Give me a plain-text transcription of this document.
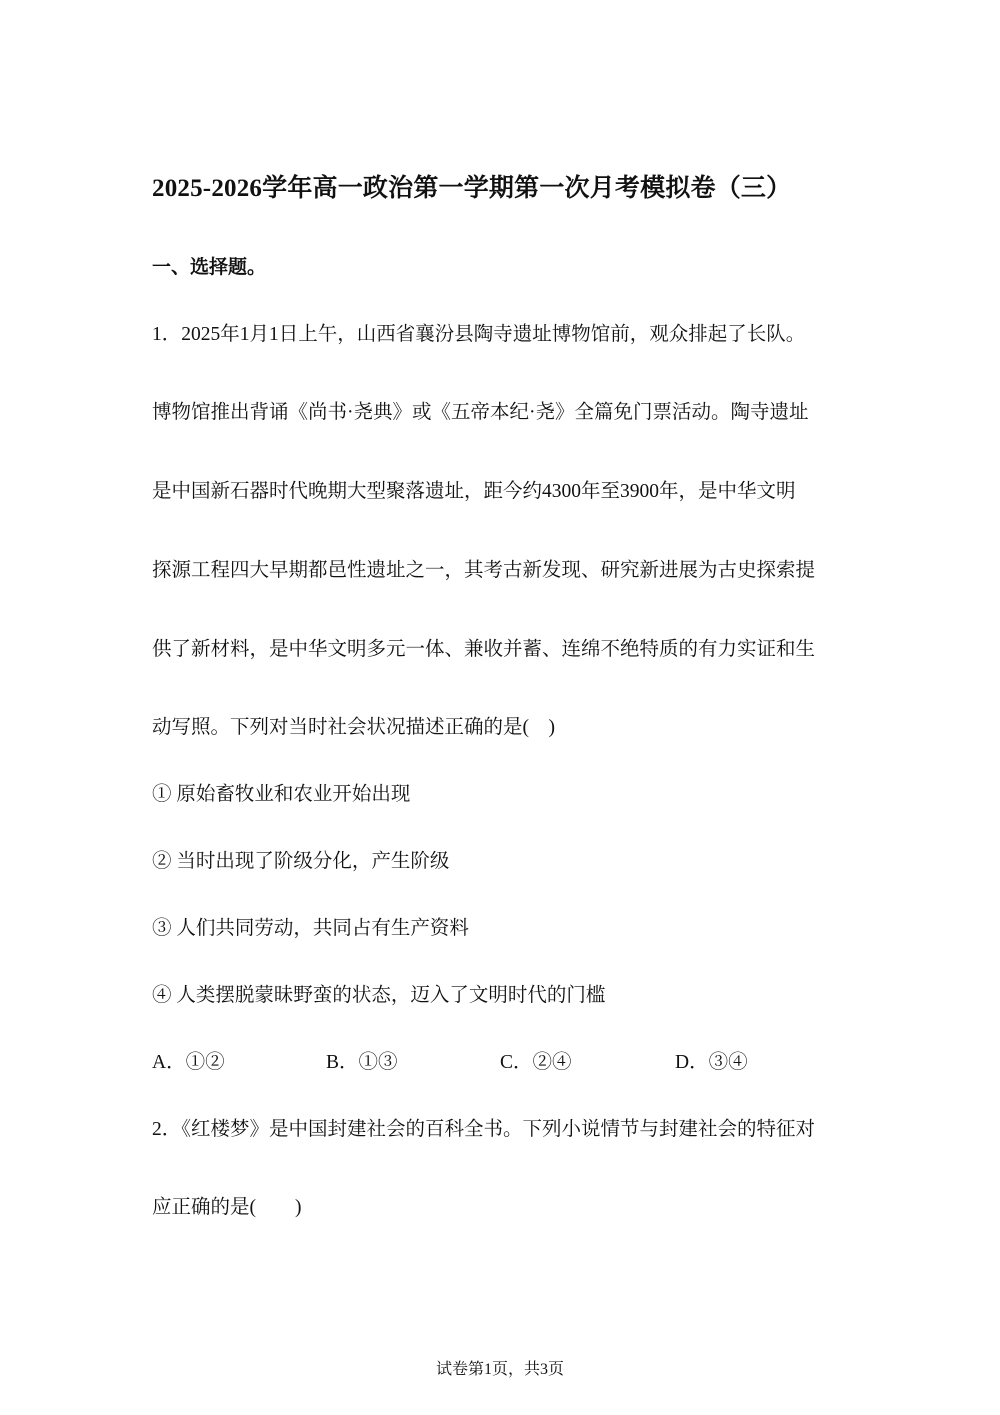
2025-2026学年高一政治第一学期第一次月考模拟卷（三）
一、选择题。
1．2025年1月1日上午，山西省襄汾县陶寺遗址博物馆前，观众排起了长队。
博物馆推出背诵《尚书·尧典》或《五帝本纪·尧》全篇免门票活动。陶寺遗址
是中国新石器时代晚期大型聚落遗址，距今约4300年至3900年，是中华文明
探源工程四大早期都邑性遗址之一，其考古新发现、研究新进展为古史探索提
供了新材料，是中华文明多元一体、兼收并蓄、连绵不绝特质的有力实证和生
动写照。下列对当时社会状况描述正确的是(　)
① 原始畜牧业和农业开始出现
② 当时出现了阶级分化，产生阶级
③ 人们共同劳动，共同占有生产资料
④ 人类摆脱蒙昧野蛮的状态，迈入了文明时代的门槛
A．①②	B．①③	C．②④	D．③④
2．《红楼梦》是中国封建社会的百科全书。下列小说情节与封建社会的特征对
应正确的是(　　)
试卷第1页，共3页
